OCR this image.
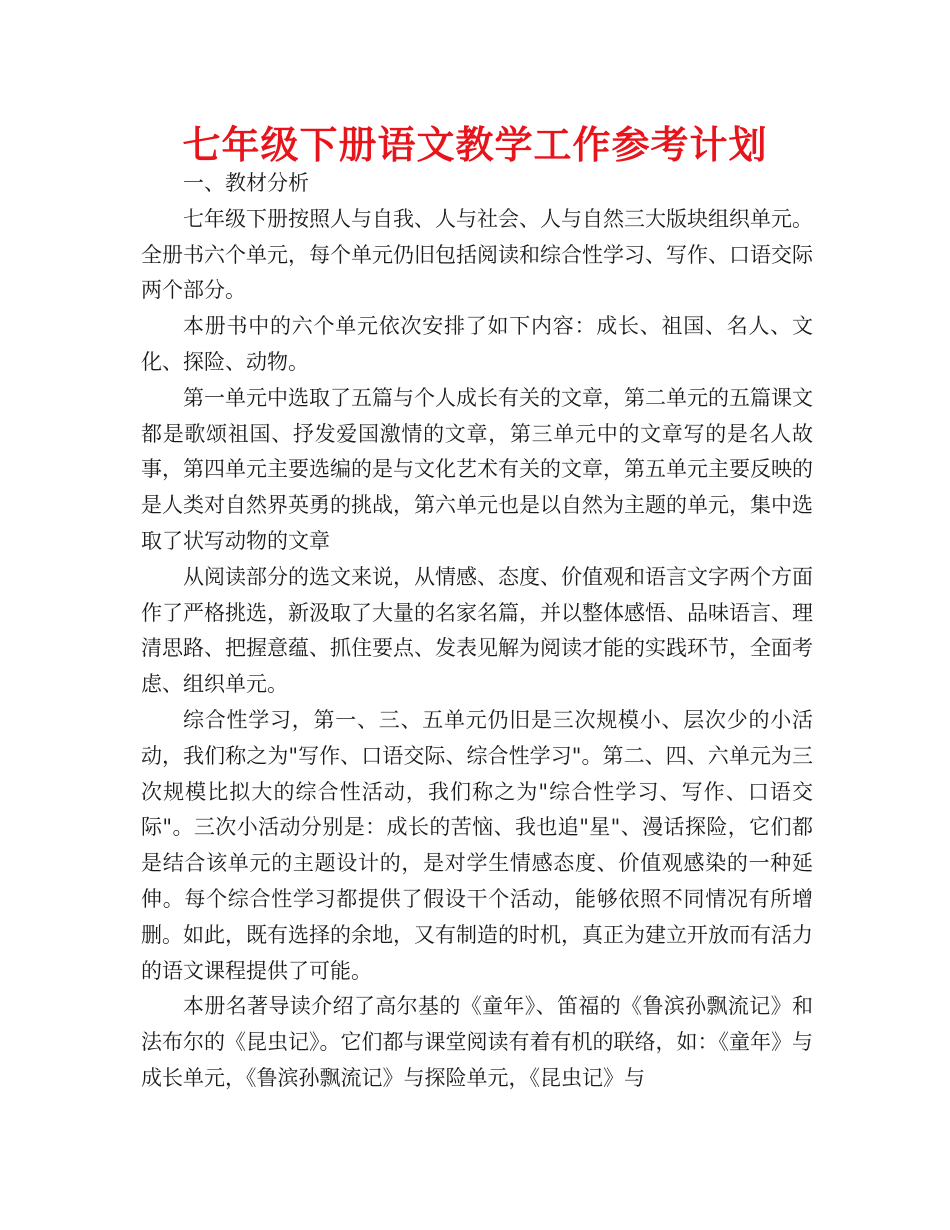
七年级下册语文教学工作参考计划

一、教材分析

七年级下册按照人与自我、人与社会、人与自然三大版块组织单元。全册书六个单元，每个单元仍旧包括阅读和综合性学习、写作、口语交际两个部分。

本册书中的六个单元依次安排了如下内容：成长、祖国、名人、文化、探险、动物。

第一单元中选取了五篇与个人成长有关的文章，第二单元的五篇课文都是歌颂祖国、抒发爱国激情的文章，第三单元中的文章写的是名人故事，第四单元主要选编的是与文化艺术有关的文章，第五单元主要反映的是人类对自然界英勇的挑战，第六单元也是以自然为主题的单元，集中选取了状写动物的文章

从阅读部分的选文来说，从情感、态度、价值观和语言文字两个方面作了严格挑选，新汲取了大量的名家名篇，并以整体感悟、品味语言、理清思路、把握意蕴、抓住要点、发表见解为阅读才能的实践环节，全面考虑、组织单元。

综合性学习，第一、三、五单元仍旧是三次规模小、层次少的小活动，我们称之为"写作、口语交际、综合性学习"。第二、四、六单元为三次规模比拟大的综合性活动，我们称之为"综合性学习、写作、口语交际"。三次小活动分别是：成长的苦恼、我也追"星"、漫话探险，它们都是结合该单元的主题设计的，是对学生情感态度、价值观感染的一种延伸。每个综合性学习都提供了假设干个活动，能够依照不同情况有所增删。如此，既有选择的余地，又有制造的时机，真正为建立开放而有活力的语文课程提供了可能。

本册名著导读介绍了高尔基的《童年》、笛福的《鲁滨孙飘流记》和法布尔的《昆虫记》。它们都与课堂阅读有着有机的联络，如：《童年》与成长单元，《鲁滨孙飘流记》与探险单元，《昆虫记》与
